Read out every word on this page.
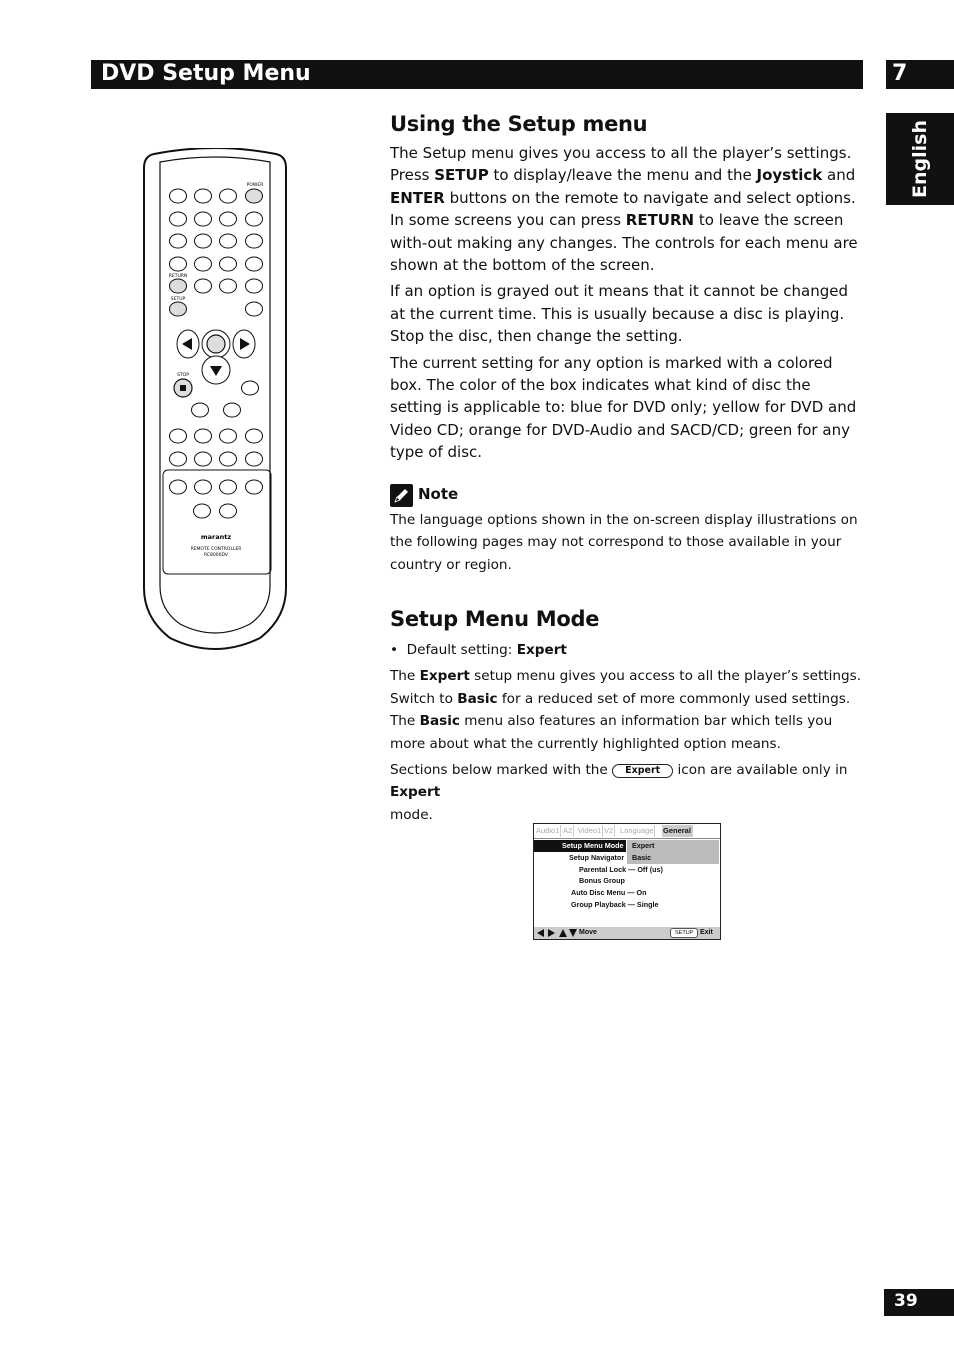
DVD Setup Menu	7
English
POWER
RETURN
SETUP
STOP
marantz
REMOTE CONTROLLER
RC8000DV
Using the Setup menu

The Setup menu gives you access to all the player’s settings. Press SETUP to display/leave the menu and the Joystick and ENTER buttons on the remote to navigate and select options. In some screens you can press RETURN to leave the screen with-out making any changes. The controls for each menu are shown at the bottom of the screen.

If an option is grayed out it means that it cannot be changed at the current time. This is usually because a disc is playing. Stop the disc, then change the setting.

The current setting for any option is marked with a colored box. The color of the box indicates what kind of disc the setting is applicable to: blue for DVD only; yellow for DVD and Video CD; orange for DVD-Audio and SACD/CD; green for any type of disc.

Note

The language options shown in the on-screen display illustrations on the following pages may not correspond to those available in your country or region.

Setup Menu Mode

•  Default setting: Expert

The Expert setup menu gives you access to all the player’s settings. Switch to Basic for a reduced set of more commonly used settings. The Basic menu also features an information bar which tells you more about what the currently highlighted option means.

Sections below marked with the Expert icon are available only in Expert
mode.

Audio1 A2 Video1 V2 Language General
Setup Menu Mode Expert
Setup Navigator Basic
Parental Lock — Off (us)
Bonus Group
Auto Disc Menu — On
Group Playback — Single
Move	SETUP Exit
39
